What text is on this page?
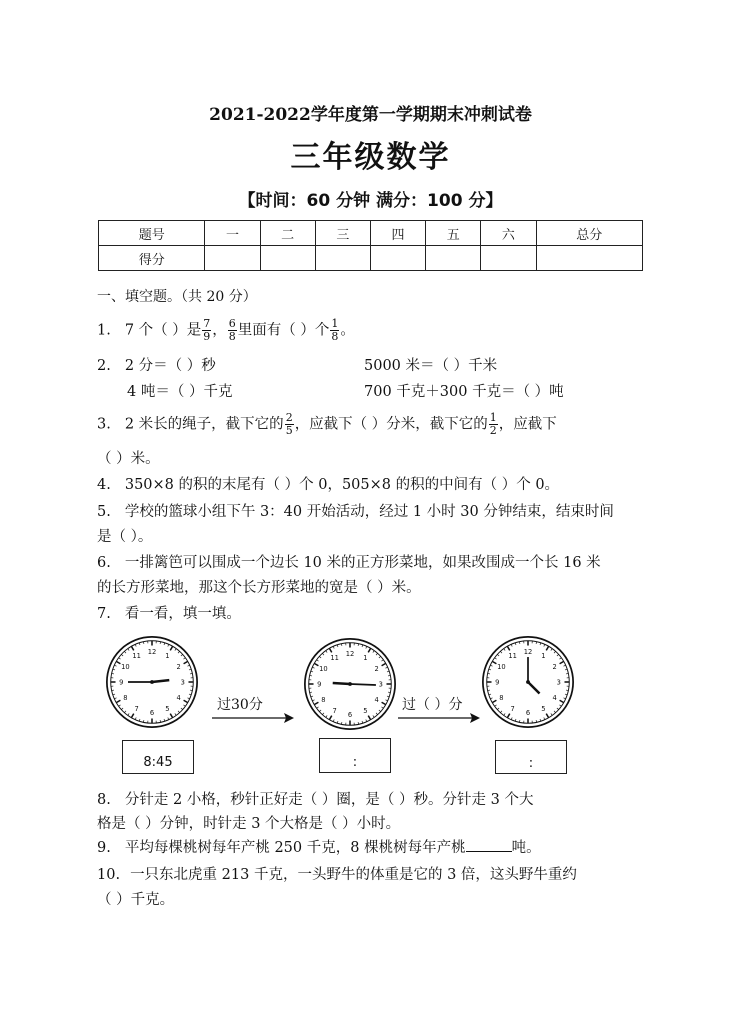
2021-2022学年度第一学期期末冲刺试卷
三年级数学
【时间：60 分钟 满分：100 分】
题号	一	二	三	四	五	六	总分
得分							
一、填空题。（共 20 分）
1. 7 个（ ）是 $\frac{7}{9}$ ， $\frac{6}{8}$ 里面有（ ）个 $\frac{1}{8}$ 。
2. 2 分＝（ ）秒	5000 米＝（ ）千米
4 吨＝（ ）千克	700 千克＋300 千克＝（ ）吨
3. 2 米长的绳子，截下它的 $\frac{2}{5}$ ，应截下（ ）分米，截下它的 $\frac{1}{2}$ ，应截下
（ ）米。
4. 350×8 的积的末尾有（ ）个 0，505×8 的积的中间有（ ）个 0。
5. 学校的篮球小组下午 3：40 开始活动，经过 1 小时 30 分钟结束，结束时间
是（ ）。
6. 一排篱笆可以围成一个边长 10 米的正方形菜地，如果改围成一个长 16 米
的长方形菜地，那这个长方形菜地的宽是（ ）米。
7. 看一看，填一填。
1
2
3
4
5
6
7
8
9
10
11
12
1
2
3
4
5
6
7
8
9
10
11
12	1
2
3
4
5
6
7
8
9
10
11
12
过30分	过（ ）分
8:45	:	:
8. 分针走 2 小格，秒针正好走（ ）圈，是（ ）秒。分针走 3 个大
格是（ ）分钟，时针走 3 个大格是（ ）小时。
9. 平均每棵桃树每年产桃 250 千克，8 棵桃树每年产桃	吨。
10. 一只东北虎重 213 千克，一头野牛的体重是它的 3 倍，这头野牛重约
（ ）千克。
